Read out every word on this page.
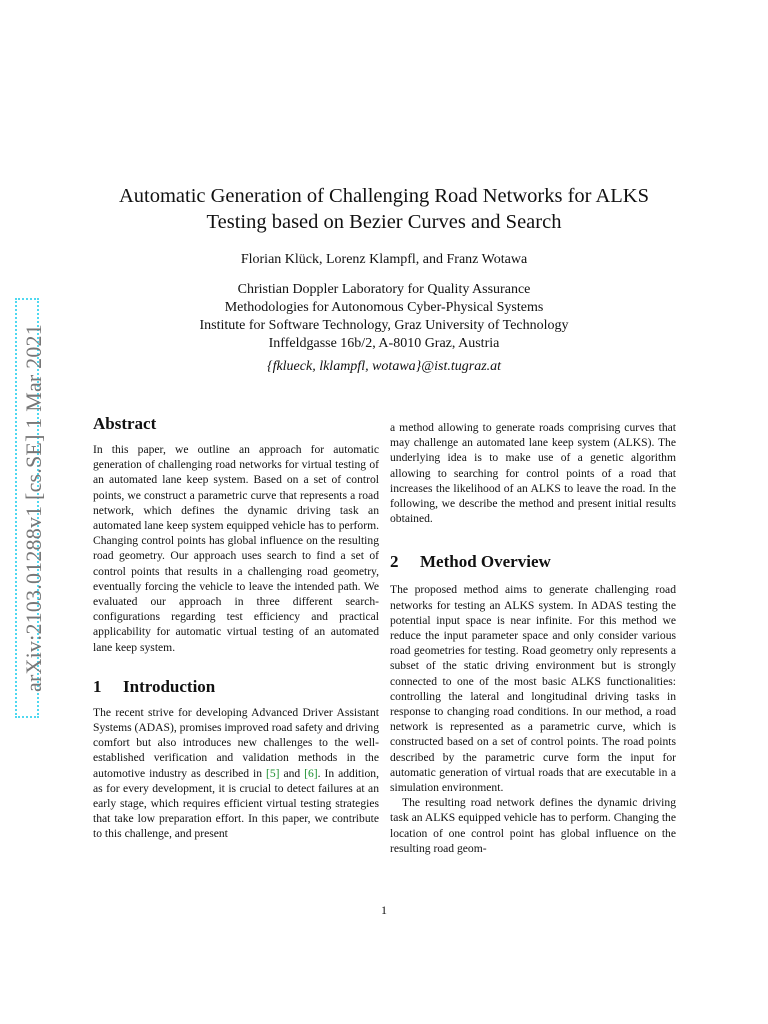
arXiv:2103.01288v1 [cs.SE] 1 Mar 2021
Automatic Generation of Challenging Road Networks for ALKS
Testing based on Bezier Curves and Search
Florian Klück, Lorenz Klampfl, and Franz Wotawa
Christian Doppler Laboratory for Quality Assurance
Methodologies for Autonomous Cyber-Physical Systems
Institute for Software Technology, Graz University of Technology
Inffeldgasse 16b/2, A-8010 Graz, Austria
{fklueck, lklampfl, wotawa}@ist.tugraz.at
Abstract

In this paper, we outline an approach for automatic generation of challenging road networks for virtual testing of an automated lane keep system. Based on a set of control points, we construct a parametric curve that represents a road network, which defines the dynamic driving task an automated lane keep system equipped vehicle has to perform. Changing control points has global influence on the resulting road geometry. Our approach uses search to find a set of control points that results in a challenging road geometry, eventually forcing the vehicle to leave the intended path. We evaluated our approach in three different search-configurations regarding test efficiency and practical applicability for automatic virtual testing of an automated lane keep system.

1 Introduction

The recent strive for developing Advanced Driver Assistant Systems (ADAS), promises improved road safety and driving comfort but also introduces new challenges to the well-established verification and validation methods in the automotive industry as described in [5] and [6]. In addition, as for every development, it is crucial to detect failures at an early stage, which requires efficient virtual testing strategies that take low preparation effort. In this paper, we contribute to this challenge, and present

a method allowing to generate roads comprising curves that may challenge an automated lane keep system (ALKS). The underlying idea is to make use of a genetic algorithm allowing to searching for control points of a road that increases the likelihood of an ALKS to leave the road. In the following, we describe the method and present initial results obtained.

2 Method Overview

The proposed method aims to generate challenging road networks for testing an ALKS system. In ADAS testing the potential input space is near infinite. For this method we reduce the input parameter space and only consider various road geometries for testing. Road geometry only represents a subset of the static driving environment but is strongly connected to one of the most basic ALKS functionalities: controlling the lateral and longitudinal driving tasks in response to changing road conditions. In our method, a road network is represented as a parametric curve, which is constructed based on a set of control points. The road points described by the parametric curve form the input for automatic generation of virtual roads that are executable in a simulation environment.

The resulting road network defines the dynamic driving task an ALKS equipped vehicle has to perform. Changing the location of one control point has global influence on the resulting road geom-

1
